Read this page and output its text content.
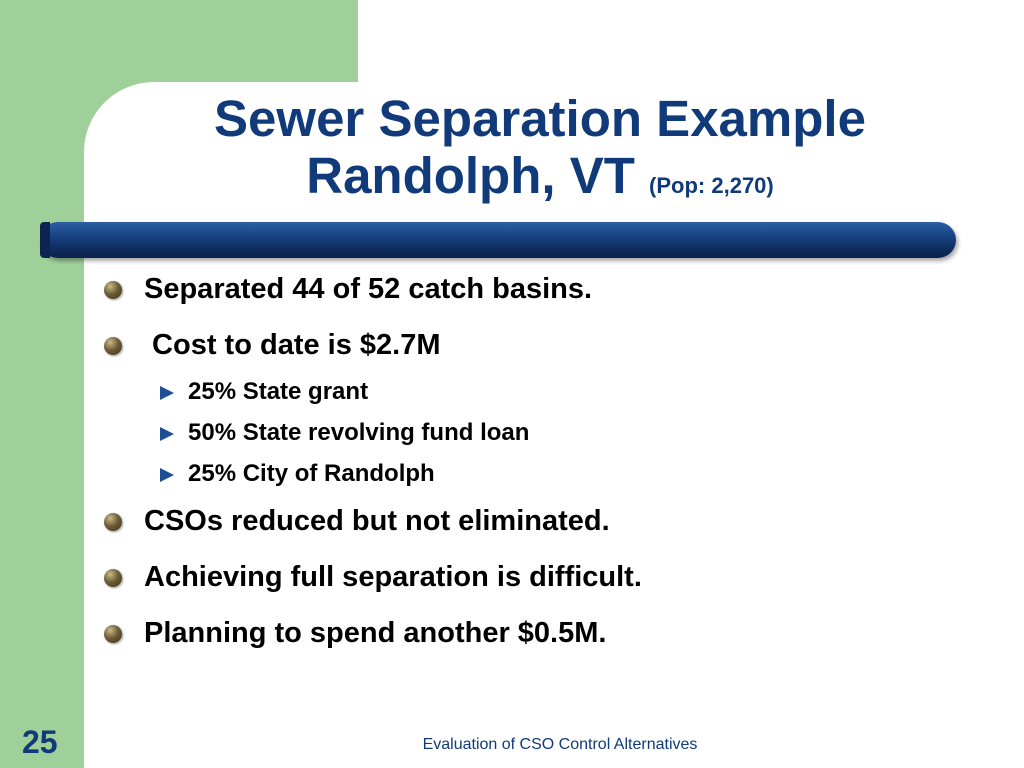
Sewer Separation Example
Randolph, VT (Pop: 2,270)
Separated 44 of 52 catch basins.
Cost to date is $2.7M
25% State grant
50% State revolving fund loan
25% City of Randolph
CSOs reduced but not eliminated.
Achieving full separation is difficult.
Planning to spend another $0.5M.
25	Evaluation of CSO Control Alternatives
